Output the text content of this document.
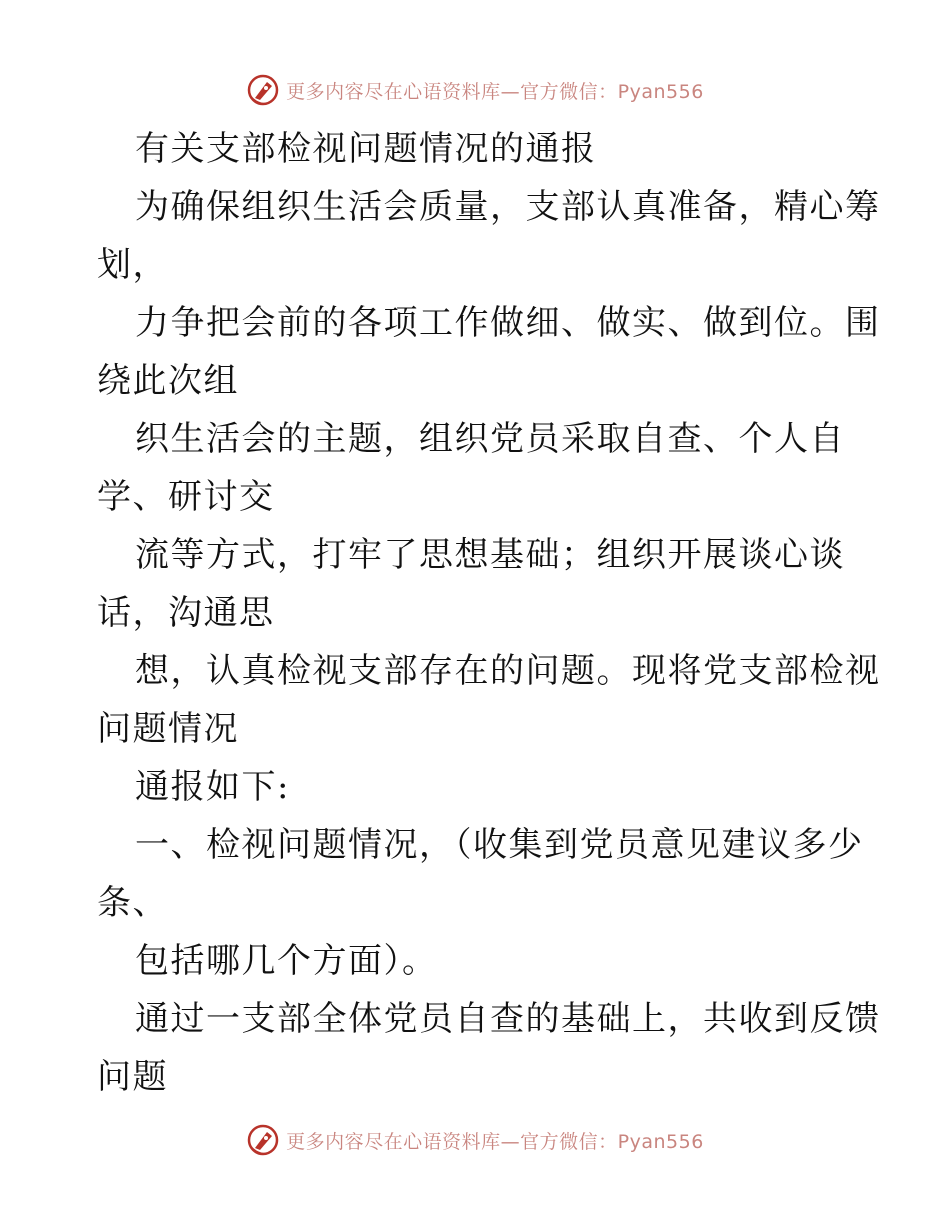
更多内容尽在心语资料库—官方微信：Pyan556
有关支部检视问题情况的通报
为确保组织生活会质量，支部认真准备，精心筹
划，
力争把会前的各项工作做细、做实、做到位。围
绕此次组
织生活会的主题，组织党员采取自查、个人自
学、研讨交
流等方式，打牢了思想基础；组织开展谈心谈
话，沟通思
想，认真检视支部存在的问题。现将党支部检视
问题情况
通报如下:
一、检视问题情况，（收集到党员意见建议多少
条、
包括哪几个方面）。
通过一支部全体党员自查的基础上，共收到反馈
问题
更多内容尽在心语资料库—官方微信：Pyan556
